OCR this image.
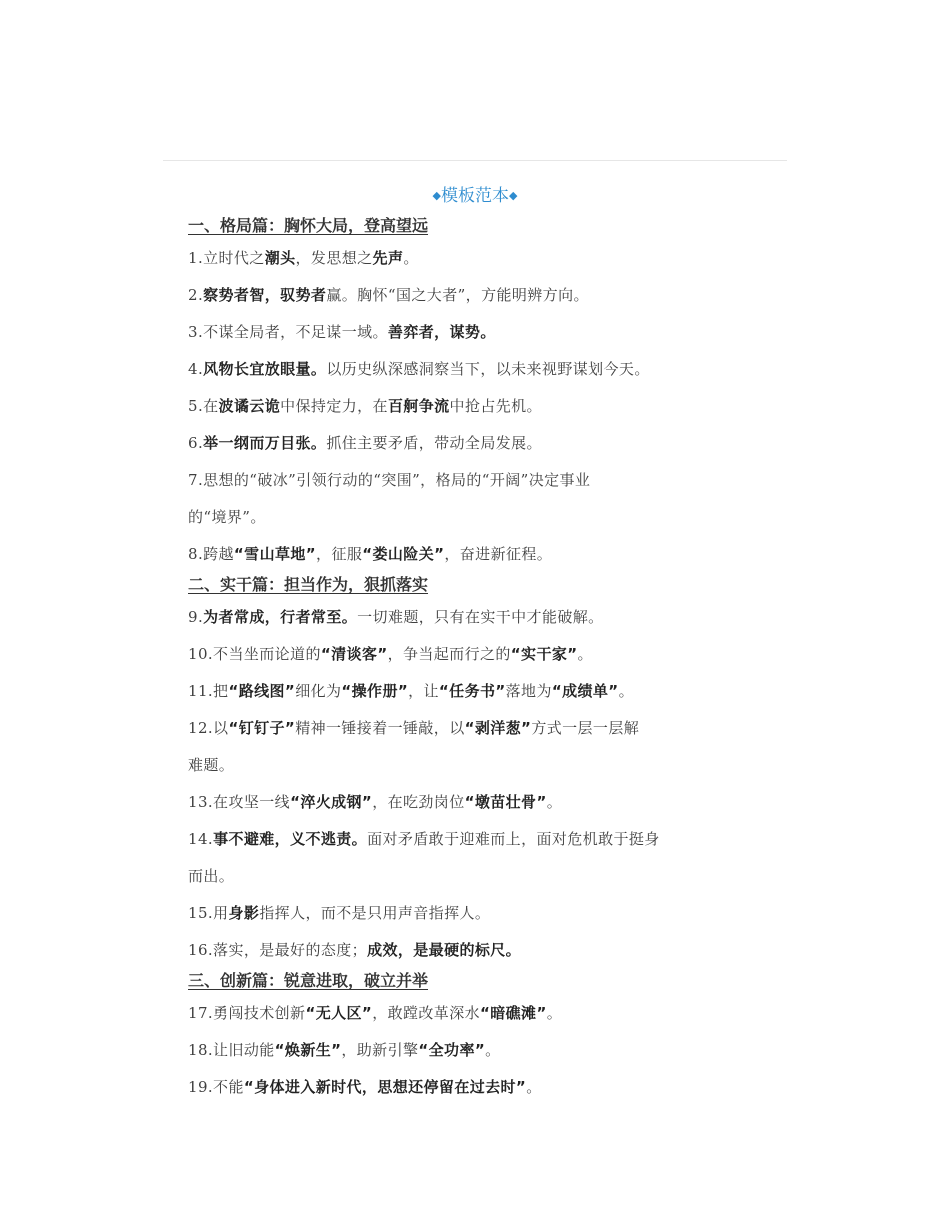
◆模板范本◆
一、格局篇：胸怀大局，登高望远
1.立时代之潮头，发思想之先声。
2.察势者智，驭势者赢。胸怀“国之大者”，方能明辨方向。
3.不谋全局者，不足谋一域。善弈者，谋势。
4.风物长宜放眼量。以历史纵深感洞察当下，以未来视野谋划今天。
5.在波谲云诡中保持定力，在百舸争流中抢占先机。
6.举一纲而万目张。抓住主要矛盾，带动全局发展。
7.思想的“破冰”引领行动的“突围”，格局的“开阔”决定事业
的“境界”。
8.跨越“雪山草地”，征服“娄山险关”，奋进新征程。
二、实干篇：担当作为，狠抓落实
9.为者常成，行者常至。一切难题，只有在实干中才能破解。
10.不当坐而论道的“清谈客”，争当起而行之的“实干家”。
11.把“路线图”细化为“操作册”，让“任务书”落地为“成绩单”。
12.以“钉钉子”精神一锤接着一锤敲，以“剥洋葱”方式一层一层解
难题。
13.在攻坚一线“淬火成钢”，在吃劲岗位“墩苗壮骨”。
14.事不避难，义不逃责。面对矛盾敢于迎难而上，面对危机敢于挺身
而出。
15.用身影指挥人，而不是只用声音指挥人。
16.落实，是最好的态度；成效，是最硬的标尺。
三、创新篇：锐意进取，破立并举
17.勇闯技术创新“无人区”，敢蹚改革深水“暗礁滩”。
18.让旧动能“焕新生”，助新引擎“全功率”。
19.不能“身体进入新时代，思想还停留在过去时”。
